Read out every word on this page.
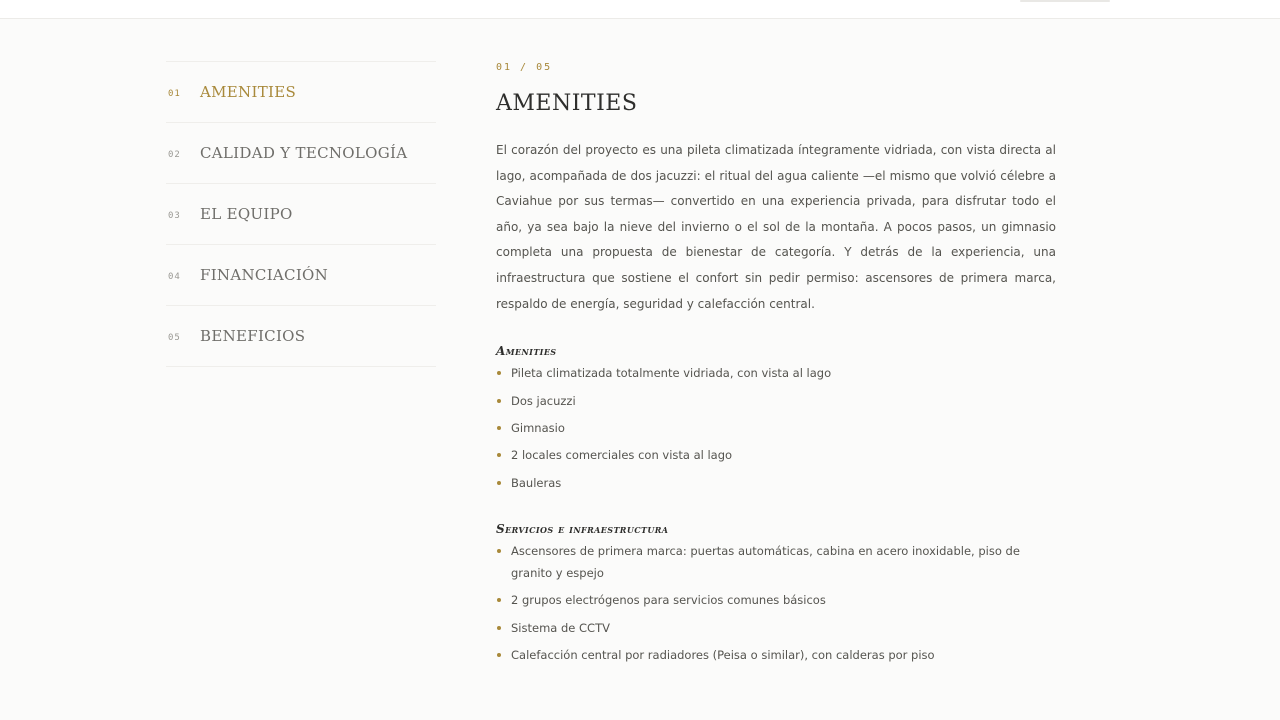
01	AMENITIES
02	CALIDAD Y TECNOLOGÍA
03	EL EQUIPO
04	FINANCIACIÓN
05	BENEFICIOS
01 / 05
AMENITIES

El corazón del proyecto es una pileta climatizada íntegramente vidriada, con vista directa al lago, acompañada de dos jacuzzi: el ritual del agua caliente —el mismo que volvió célebre a Caviahue por sus termas— convertido en una experiencia privada, para disfrutar todo el año, ya sea bajo la nieve del invierno o el sol de la montaña. A pocos pasos, un gimnasio completa una propuesta de bienestar de categoría. Y detrás de la experiencia, una infraestructura que sostiene el confort sin pedir permiso: ascensores de primera marca, respaldo de energía, seguridad y calefacción central.

Amenities
Pileta climatizada totalmente vidriada, con vista al lago
Dos jacuzzi
Gimnasio
2 locales comerciales con vista al lago
Bauleras
Servicios e infraestructura
Ascensores de primera marca: puertas automáticas, cabina en acero inoxidable, piso de granito y espejo
2 grupos electrógenos para servicios comunes básicos
Sistema de CCTV
Calefacción central por radiadores (Peisa o similar), con calderas por piso
